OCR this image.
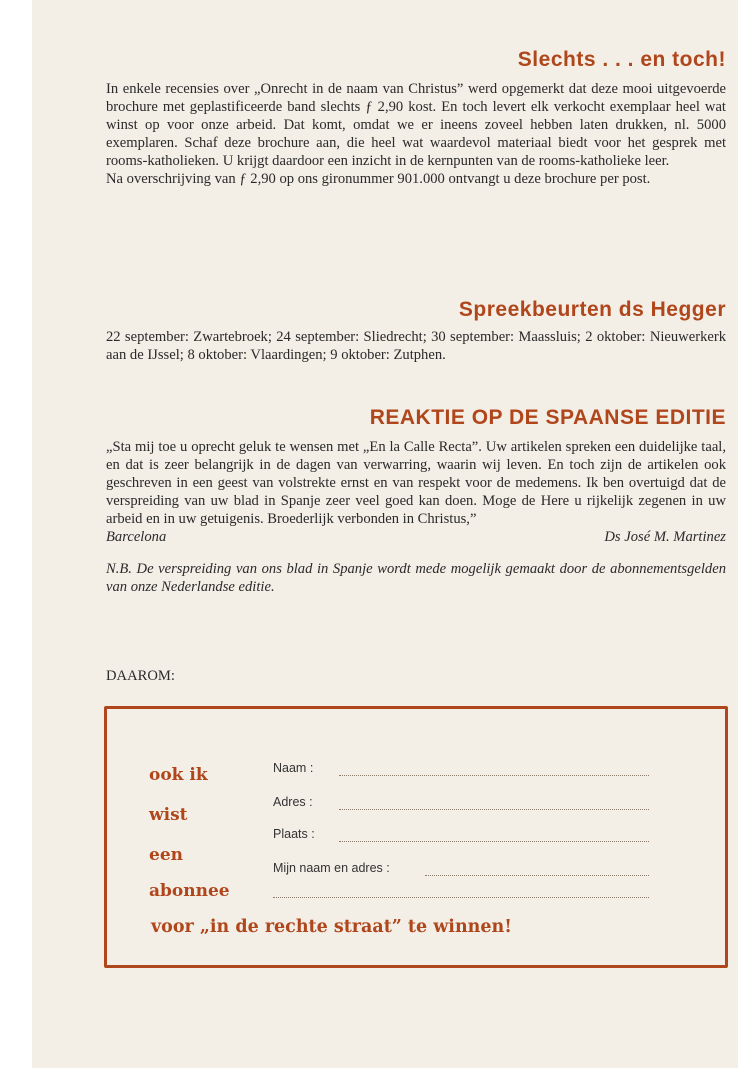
Slechts . . . en toch!

In enkele recensies over „Onrecht in de naam van Christus” werd opgemerkt dat deze mooi uitgevoerde brochure met geplastificeerde band slechts ƒ 2,90 kost. En toch levert elk verkocht exemplaar heel wat winst op voor onze arbeid. Dat komt, omdat we er ineens zoveel hebben laten drukken, nl. 5000 exemplaren. Schaf deze brochure aan, die heel wat waardevol materiaal biedt voor het gesprek met rooms-katholieken. U krijgt daardoor een inzicht in de kernpunten van de rooms-katholieke leer.

Na overschrijving van ƒ 2,90 op ons gironummer 901.000 ontvangt u deze brochure per post.

Spreekbeurten ds Hegger

22 september: Zwartebroek; 24 september: Sliedrecht; 30 september: Maassluis; 2 oktober: Nieuwerkerk aan de IJssel; 8 oktober: Vlaardingen; 9 oktober: Zutphen.

REAKTIE OP DE SPAANSE EDITIE

„Sta mij toe u oprecht geluk te wensen met „En la Calle Recta”. Uw artikelen spreken een duidelijke taal, en dat is zeer belangrijk in de dagen van verwarring, waarin wij leven. En toch zijn de artikelen ook geschreven in een geest van volstrekte ernst en van respekt voor de medemens. Ik ben overtuigd dat de verspreiding van uw blad in Spanje zeer veel goed kan doen. Moge de Here u rijkelijk zegenen in uw arbeid en in uw getuigenis. Broederlijk verbonden in Christus,”

Barcelona	Ds José M. Martinez

N.B. De verspreiding van ons blad in Spanje wordt mede mogelijk gemaakt door de abonnementsgelden van onze Nederlandse editie.

DAAROM:
ook ik
wist
een
abonnee
Naam :
Adres :
Plaats :
Mijn naam en adres :
voor „in de rechte straat” te winnen!
